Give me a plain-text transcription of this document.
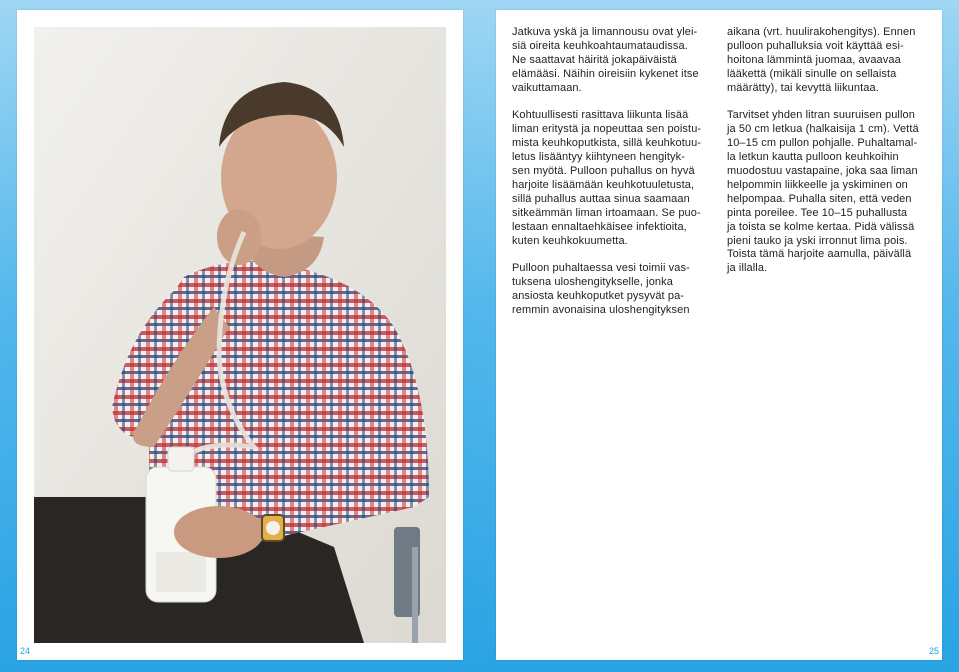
24

Jatkuva yskä ja limannousu ovat ylei-
siä oireita keuhkoahtaumataudissa.
Ne saattavat häiritä jokapäiväistä
elämääsi. Näihin oireisiin kykenet itse
vaikuttamaan.

Kohtuullisesti rasittava liikunta lisää
liman eritystä ja nopeuttaa sen poistu-
mista keuhkoputkista, sillä keuhkotuu-
letus lisääntyy kiihtyneen hengityk-
sen myötä. Pulloon puhallus on hyvä
harjoite lisäämään keuhkotuuletusta,
sillä puhallus auttaa sinua saamaan
sitkeämmän liman irtoamaan. Se puo-
lestaan ennaltaehkäisee infektioita,
kuten keuhkokuumetta.

Pulloon puhaltaessa vesi toimii vas-
tuksena uloshengitykselle, jonka
ansiosta keuhkoputket pysyvät pa-
remmin avonaisina uloshengityksen

aikana (vrt. huulirakohengitys). Ennen
pulloon puhalluksia voit käyttää esi-
hoitona lämmintä juomaa, avaavaa
lääkettä (mikäli sinulle on sellaista
määrätty), tai kevyttä liikuntaa.

Tarvitset yhden litran suuruisen pullon
ja 50 cm letkua (halkaisija 1 cm). Vettä
10–15 cm pullon pohjalle. Puhaltamal-
la letkun kautta pulloon keuhkoihin
muodostuu vastapaine, joka saa liman
helpommin liikkeelle ja yskiminen on
helpompaa. Puhalla siten, että veden
pinta poreilee. Tee 10–15 puhallusta
ja toista se kolme kertaa. Pidä välissä
pieni tauko ja yski irronnut lima pois.
Toista tämä harjoite aamulla, päivällä
ja illalla.

25
